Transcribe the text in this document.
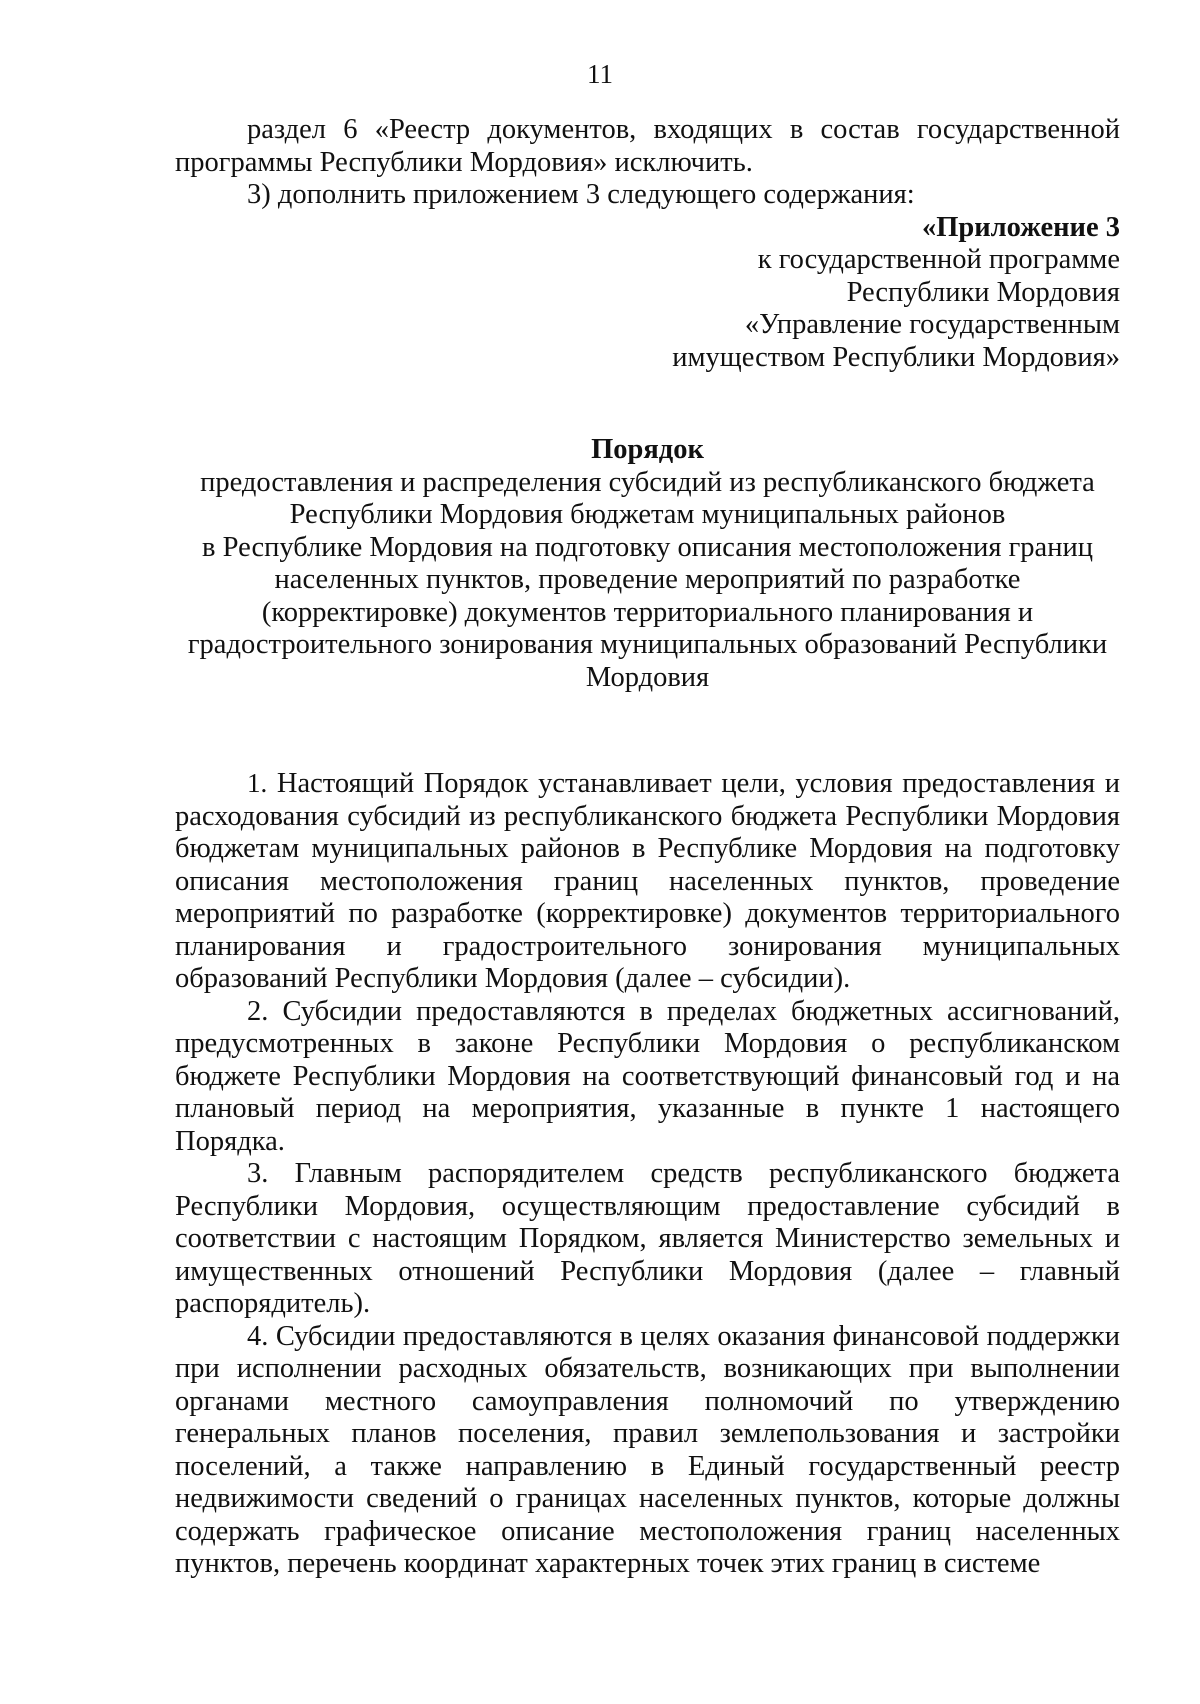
11

раздел 6 «Реестр документов, входящих в состав государственной программы Республики Мордовия» исключить.

3) дополнить приложением 3 следующего содержания:

«Приложение 3

к государственной программе

Республики Мордовия

«Управление государственным

имуществом Республики Мордовия»

Порядок

предоставления и распределения субсидий из республиканского бюджета

Республики Мордовия бюджетам муниципальных районов

в Республике Мордовия на подготовку описания местоположения границ

населенных пунктов, проведение мероприятий по разработке

(корректировке) документов территориального планирования и

градостроительного зонирования муниципальных образований Республики

Мордовия

1. Настоящий Порядок устанавливает цели, условия предоставления и расходования субсидий из республиканского бюджета Республики Мордовия бюджетам муниципальных районов в Республике Мордовия на подготовку описания местоположения границ населенных пунктов, проведение мероприятий по разработке (корректировке) документов территориального планирования и градостроительного зонирования муниципальных образований Республики Мордовия (далее – субсидии).

2. Субсидии предоставляются в пределах бюджетных ассигнований, предусмотренных в законе Республики Мордовия о республиканском бюджете Республики Мордовия на соответствующий финансовый год и на плановый период на мероприятия, указанные в пункте 1 настоящего Порядка.

3. Главным распорядителем средств республиканского бюджета Республики Мордовия, осуществляющим предоставление субсидий в соответствии с настоящим Порядком, является Министерство земельных и имущественных отношений Республики Мордовия (далее – главный распорядитель).

4. Субсидии предоставляются в целях оказания финансовой поддержки при исполнении расходных обязательств, возникающих при выполнении органами местного самоуправления полномочий по утверждению генеральных планов поселения, правил землепользования и застройки поселений, а также направлению в Единый государственный реестр недвижимости сведений о границах населенных пунктов, которые должны содержать графическое описание местоположения границ населенных пунктов, перечень координат характерных точек этих границ в системе
